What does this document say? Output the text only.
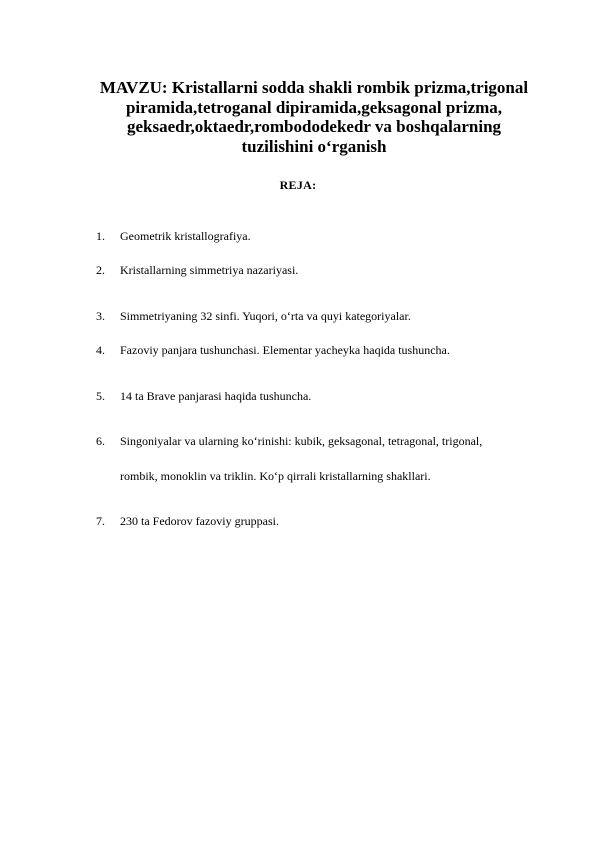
MAVZU: Kristallarni sodda shakli rombik prizma,trigonal
piramida,tetroganal dipiramida,geksagonal prizma,
geksaedr,oktaedr,rombododekedr va boshqalarning
tuzilishini o‘rganish
REJA:
1. Geometrik kristallografiya.
2. Kristallarning simmetriya nazariyasi.
3. Simmetriyaning 32 sinfi. Yuqori, o‘rta va quyi kategoriyalar.
4. Fazoviy panjara tushunchasi. Elementar yacheyka haqida tushuncha.
5. 14 ta Brave panjarasi haqida tushuncha.
6. Singoniyalar va ularning ko‘rinishi: kubik, geksagonal, tetragonal, trigonal,
rombik, monoklin va triklin. Ko‘p qirrali kristallarning shakllari.
7. 230 ta Fedorov fazoviy gruppasi.
